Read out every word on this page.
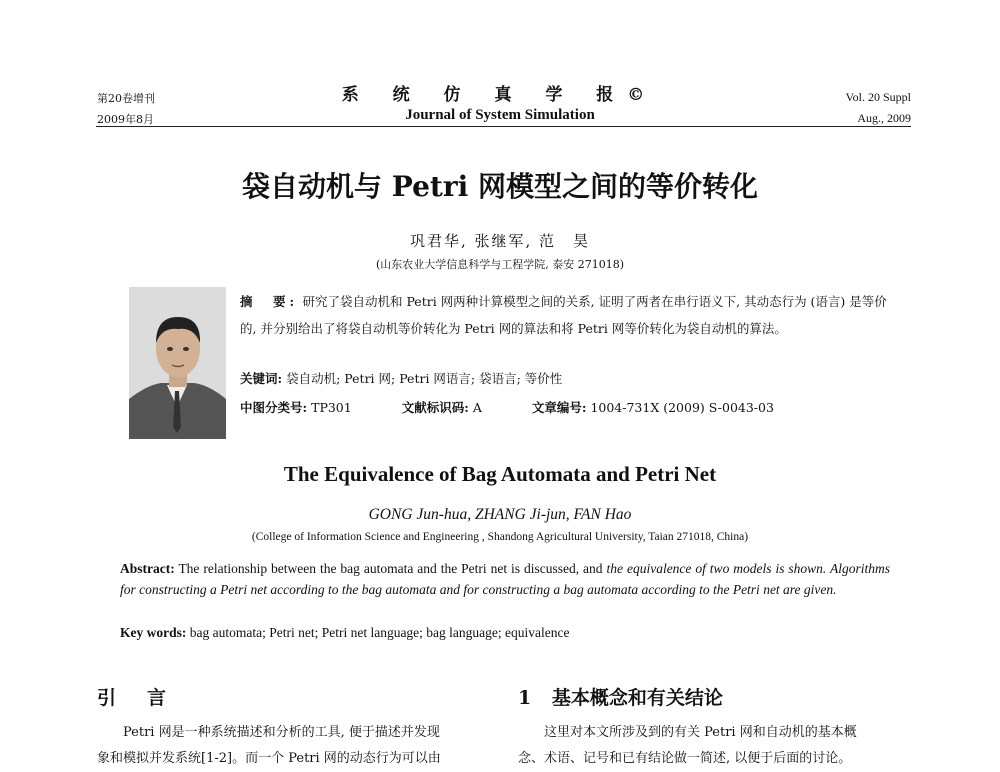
第20卷增刊
2009年8月
系 统 仿 真 学 报©
Journal of System Simulation
Vol. 20 Suppl
Aug., 2009
袋自动机与 Petri 网模型之间的等价转化
巩君华, 张继军, 范　昊
(山东农业大学信息科学与工程学院, 泰安 271018)
摘　要: 研究了袋自动机和 Petri 网两种计算模型之间的关系, 证明了两者在串行语义下, 其动态行为 (语言) 是等价的, 并分别给出了将袋自动机等价转化为 Petri 网的算法和将 Petri 网等价转化为袋自动机的算法。
关键词: 袋自动机; Petri 网; Petri 网语言; 袋语言; 等价性
中图分类号: TP301	文献标识码: A	文章编号: 1004-731X (2009) S-0043-03
The Equivalence of Bag Automata and Petri Net
GONG Jun-hua, ZHANG Ji-jun, FAN Hao
(College of Information Science and Engineering , Shandong Agricultural University, Taian 271018, China)
Abstract: The relationship between the bag automata and the Petri net is discussed, and the equivalence of two models is shown. Algorithms for constructing a Petri net according to the bag automata and for constructing a bag automata according to the Petri net are given.
Key words: bag automata; Petri net; Petri net language; bag language; equivalence
引　言
Petri 网是一种系统描述和分析的工具, 便于描述并发现
象和模拟并发系统[1-2]。而一个 Petri 网的动态行为可以由
1 基本概念和有关结论
这里对本文所涉及到的有关 Petri 网和自动机的基本概
念、术语、记号和已有结论做一简述, 以便于后面的讨论。
